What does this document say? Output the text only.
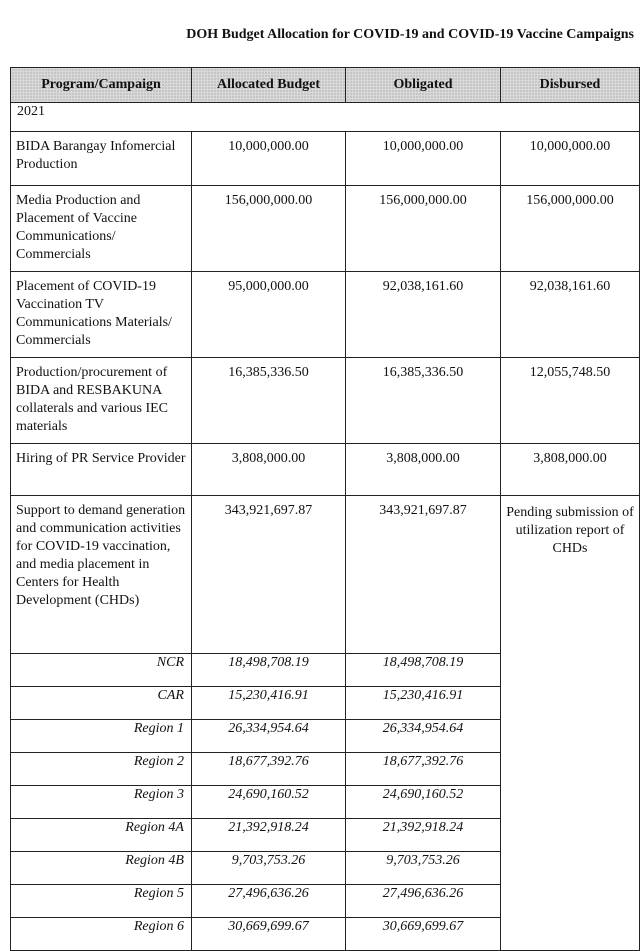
DOH Budget Allocation for COVID-19 and COVID-19 Vaccine Campaigns
Program/Campaign	Allocated Budget	Obligated	Disbursed
2021			
BIDA Barangay Infomercial Production	10,000,000.00	10,000,000.00	10,000,000.00
Media Production and Placement of Vaccine Communications/ Commercials	156,000,000.00	156,000,000.00	156,000,000.00
Placement of COVID-19 Vaccination TV Communications Materials/ Commercials	95,000,000.00	92,038,161.60	92,038,161.60
Production/procurement of BIDA and RESBAKUNA collaterals and various IEC materials	16,385,336.50	16,385,336.50	12,055,748.50
Hiring of PR Service Provider	3,808,000.00	3,808,000.00	3,808,000.00
Support to demand generation and communication activities for COVID-19 vaccination, and media placement in Centers for Health Development (CHDs)	343,921,697.87	343,921,697.87	Pending submission of utilization report of CHDs
NCR	18,498,708.19	18,498,708.19	
CAR	15,230,416.91	15,230,416.91	
Region 1	26,334,954.64	26,334,954.64	
Region 2	18,677,392.76	18,677,392.76	
Region 3	24,690,160.52	24,690,160.52	
Region 4A	21,392,918.24	21,392,918.24	
Region 4B	9,703,753.26	9,703,753.26	
Region 5	27,496,636.26	27,496,636.26	
Region 6	30,669,699.67	30,669,699.67	
